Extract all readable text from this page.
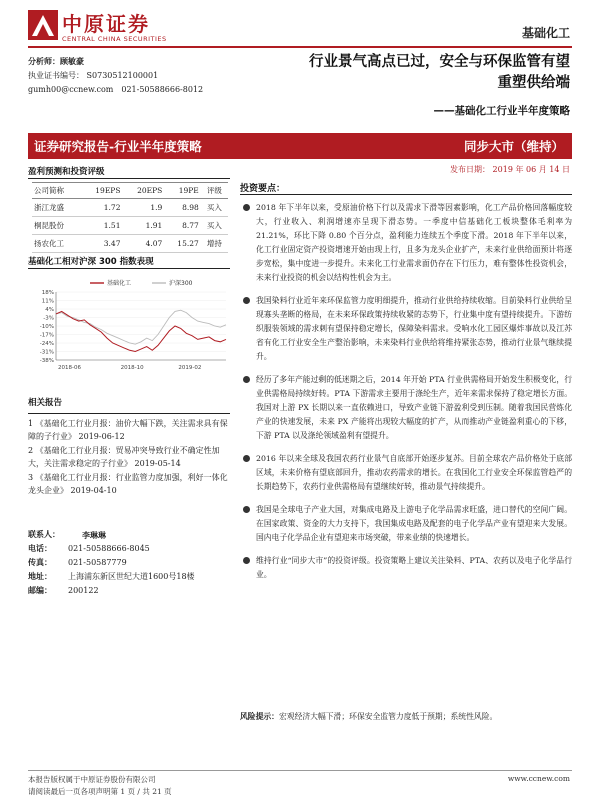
中原证券
CENTRAL CHINA SECURITIES	基础化工
分析师：顾敏豪
执业证书编号： S0730512100001
gumh00@ccnew.com　021-50588666-8012
行业景气高点已过，安全与环保监管有望
重塑供给端
——基础化工行业半年度策略
证券研究报告-行业半年度策略	同步大市（维持）
发布日期： 2019 年 06 月 14 日
盈利预测和投资评级
公司简称	19EPS	20EPS	19PE	评级
浙江龙盛	1.72	1.9	8.98	买入
桐昆股份	1.51	1.91	8.77	买入
扬农化工	3.47	4.07	15.27	增持
基础化工相对沪深 300 指数表现
18%
11%
4%
-3%
-10%
-17%
-24%
-31%
-38%
2018-06	2018-10	2019-02
基础化工	沪深300
相关报告
1 《基础化工行业月报：油价大幅下跌，关注需求具有保障的子行业》 2019-06-12
2 《基础化工行业月报：贸易冲突导致行业不确定性加大，关注需求稳定的子行业》 2019-05-14
3 《基础化工行业月报：行业监管力度加强，利好一体化龙头企业》 2019-04-10
联系人：	李琳琳
电话：	021-50588666-8045
传真：	021-50587779
地址：	上海浦东新区世纪大道1600号18楼
邮编：	200122
投资要点：
2018 年下半年以来，受原油价格下行以及需求下滑等因素影响，化工产品价格回落幅度较大，行业收入、利润增速亦呈现下滑态势。一季度中信基础化工板块整体毛利率为 21.21%，环比下降 0.80 个百分点，盈利能力连续五个季度下滑。2018 年下半年以来，化工行业固定资产投资增速开始由现上行，且多为龙头企业扩产，未来行业供给面预计将逐步宽松，集中度进一步提升。未来化工行业需求面仍存在下行压力，难有整体性投资机会，未来行业投资的机会以结构性机会为主。
我国染料行业近年来环保监管力度明细提升，推动行业供给持续收缩。目前染料行业供给呈现寡头垄断的格局，在未来环保政策持续收紧的态势下，行业集中度有望持续提升。下游纺织服装领域的需求刺有望保持稳定增长，保障染料需求。受响水化工园区爆炸事故以及江苏省有化工行业安全生产整治影响，未来染料行业供给将维持紧张态势，推动行业景气继续提升。
经历了多年产能过剩的低迷期之后，2014 年开始 PTA 行业供需格局开始发生积极变化，行业供需格局持续好转。PTA 下游需求主要用于涤纶生产，近年来需求保持了稳定增长方面。我国对上游 PX 长期以来一直依赖进口，导致产业链下游盈利受到压制。随着我国民营炼化产业的快速发展，未来 PX 产能将出现较大幅度的扩产，从而推动产业链盈利重心的下移，下游 PTA 以及涤纶领域盈利有望提升。
2016 年以来全球及我国农药行业景气自底部开始逐步复苏。目前全球农产品价格处于底部区域，未来价格有望底部回升，推动农药需求的增长。在我国化工行业安全环保监管趋严的长期趋势下，农药行业供需格局有望继续好转，推动景气持续提升。
我国是全球电子产业大国，对集成电路及上游电子化学品需求旺盛，进口替代的空间广阔。在国家政策、资金的大力支持下，我国集成电路及配套的电子化学品产业有望迎来大发展。国内电子化学品企业有望迎来市场突破，带来业绩的快速增长。
维持行业“同步大市”的投资评级。投资策略上建议关注染料、PTA、农药以及电子化学品行业。
风险提示：宏观经济大幅下滑；环保安全监管力度低于预期；系统性风险。
本报告版权属于中原证券股份有限公司
请阅读最后一页各项声明第 1 页 / 共 21 页
www.ccnew.com
